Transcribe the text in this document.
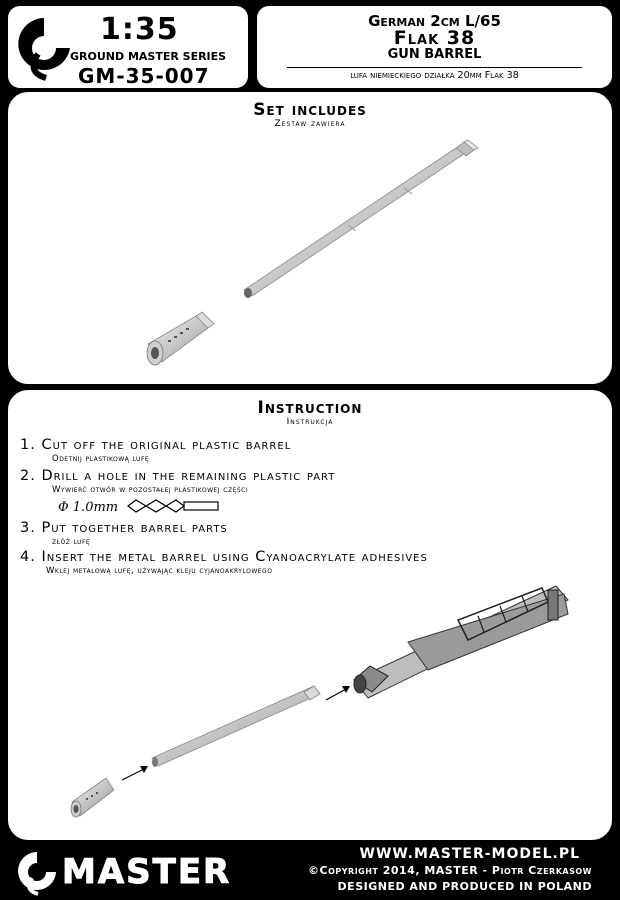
1:35
GROUND MASTER SERIES
GM-35-007
German 2cm L/65
Flak 38
GUN BARREL
lufa niemieckiego działka 20mm Flak 38
Set includes
Zestaw zawiera
Instruction
Instrukcja
1. Cut off the original plastic barrel
Odetnij plastikową lufę
2. Drill a hole in the remaining plastic part
Wywierć otwór w pozostałej plastikowej części
Φ 1.0mm
3. Put together barrel parts
złóż lufę
4. Insert the metal barrel using Cyanoacrylate adhesives
Wklej metalową lufę, używając kleju cyjanoakrylowego
MASTER	WWW.MASTER-MODEL.PL
©Copyright 2014, MASTER - Piotr Czerkasow
DESIGNED AND PRODUCED IN POLAND
